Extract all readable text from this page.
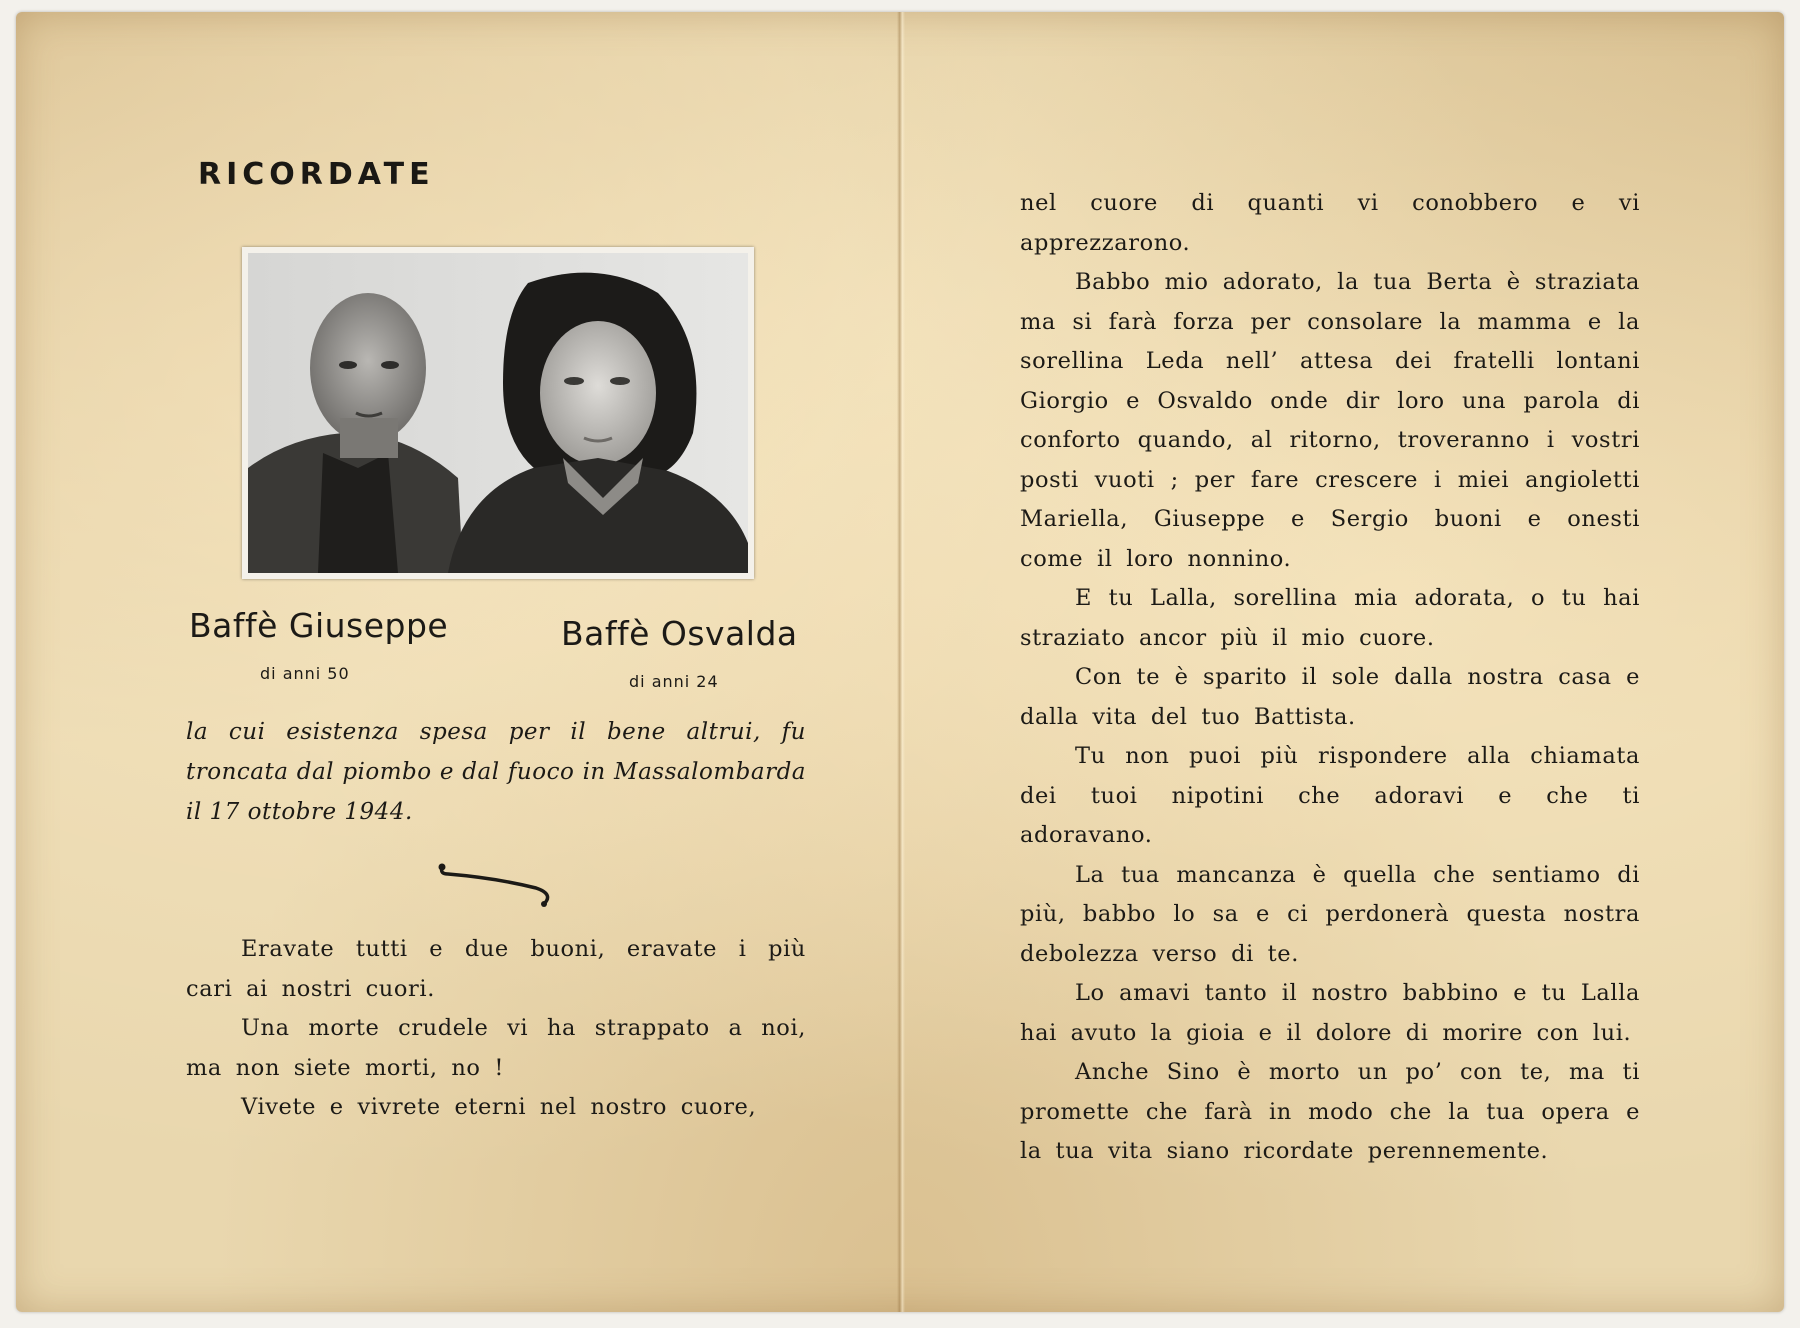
RICORDATE
Baffè Giuseppe
di anni 50
Baffè Osvalda
di anni 24

la cui esistenza spesa per il bene altrui, fu troncata dal piombo e dal fuoco in Massalombarda il 17 ottobre 1944.

Eravate tutti e due buoni, eravate i più cari ai nostri cuori.

Una morte crudele vi ha strappato a noi, ma non siete morti, no !

Vivete e vivrete eterni nel nostro cuore,

nel cuore di quanti vi conobbero e vi apprezzarono.

Babbo mio adorato, la tua Berta è straziata ma si farà forza per consolare la mamma e la sorellina Leda nell’ attesa dei fratelli lontani Giorgio e Osvaldo onde dir loro una parola di conforto quando, al ritorno, troveranno i vostri posti vuoti ; per fare crescere i miei angioletti Mariella, Giuseppe e Sergio buoni e onesti come il loro nonnino.

E tu Lalla, sorellina mia adorata, o tu hai straziato ancor più il mio cuore.

Con te è sparito il sole dalla nostra casa e dalla vita del tuo Battista.

Tu non puoi più rispondere alla chiamata dei tuoi nipotini che adoravi e che ti adoravano.

La tua mancanza è quella che sentiamo di più, babbo lo sa e ci perdonerà questa nostra debolezza verso di te.

Lo amavi tanto il nostro babbino e tu Lalla hai avuto la gioia e il dolore di morire con lui.

Anche Sino è morto un po’ con te, ma ti promette che farà in modo che la tua opera e la tua vita siano ricordate perennemente.
